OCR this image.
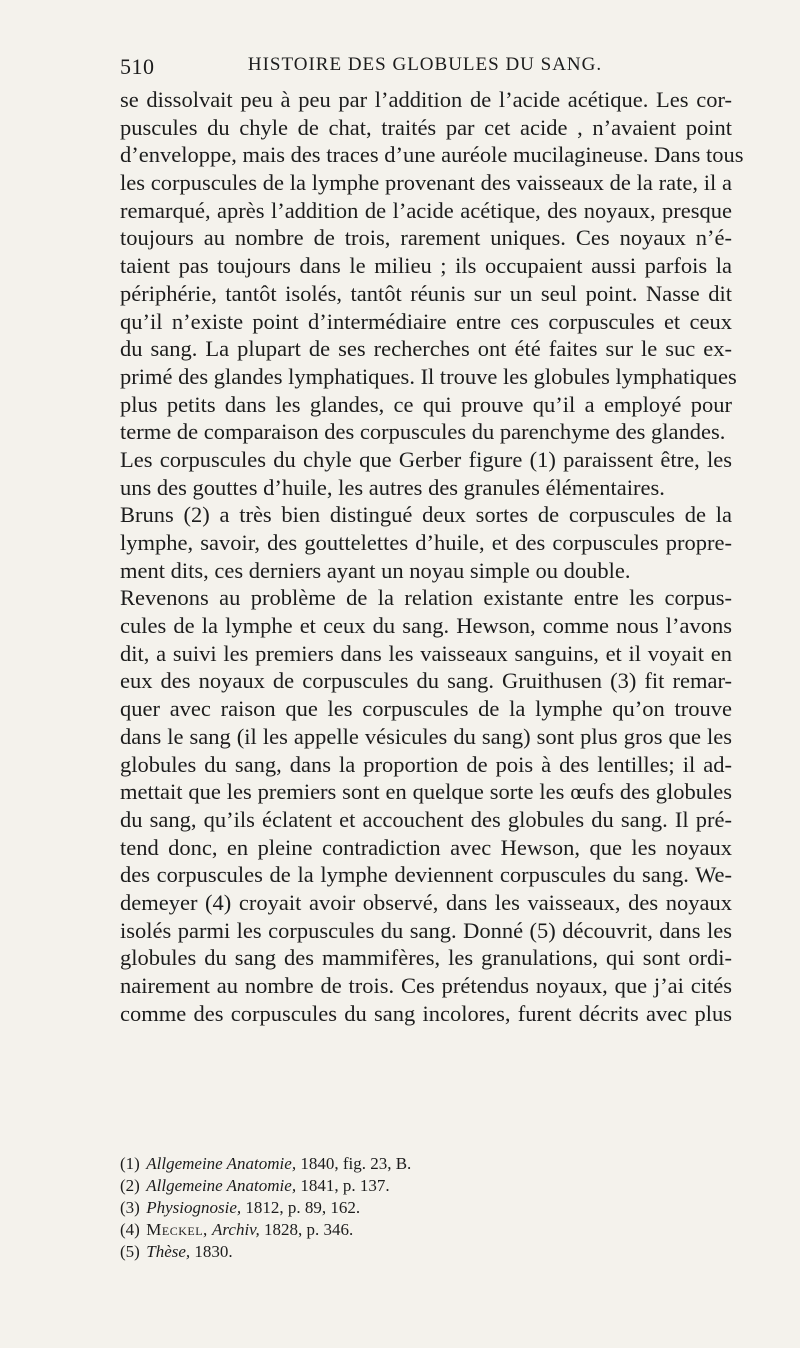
510	HISTOIRE DES GLOBULES DU SANG.
se dissolvait peu à peu par l’addition de l’acide acétique. Les cor-
puscules du chyle de chat, traités par cet acide , n’avaient point
d’enveloppe, mais des traces d’une auréole mucilagineuse. Dans tous
les corpuscules de la lymphe provenant des vaisseaux de la rate, il a
remarqué, après l’addition de l’acide acétique, des noyaux, presque
toujours au nombre de trois, rarement uniques. Ces noyaux n’é-
taient pas toujours dans le milieu ; ils occupaient aussi parfois la
périphérie, tantôt isolés, tantôt réunis sur un seul point. Nasse dit
qu’il n’existe point d’intermédiaire entre ces corpuscules et ceux
du sang. La plupart de ses recherches ont été faites sur le suc ex-
primé des glandes lymphatiques. Il trouve les globules lymphatiques
plus petits dans les glandes, ce qui prouve qu’il a employé pour
terme de comparaison des corpuscules du parenchyme des glandes.
Les corpuscules du chyle que Gerber figure (1) paraissent être, les
uns des gouttes d’huile, les autres des granules élémentaires.
Bruns (2) a très bien distingué deux sortes de corpuscules de la
lymphe, savoir, des gouttelettes d’huile, et des corpuscules propre-
ment dits, ces derniers ayant un noyau simple ou double.
Revenons au problème de la relation existante entre les corpus-
cules de la lymphe et ceux du sang. Hewson, comme nous l’avons
dit, a suivi les premiers dans les vaisseaux sanguins, et il voyait en
eux des noyaux de corpuscules du sang. Gruithusen (3) fit remar-
quer avec raison que les corpuscules de la lymphe qu’on trouve
dans le sang (il les appelle vésicules du sang) sont plus gros que les
globules du sang, dans la proportion de pois à des lentilles; il ad-
mettait que les premiers sont en quelque sorte les œufs des globules
du sang, qu’ils éclatent et accouchent des globules du sang. Il pré-
tend donc, en pleine contradiction avec Hewson, que les noyaux
des corpuscules de la lymphe deviennent corpuscules du sang. We-
demeyer (4) croyait avoir observé, dans les vaisseaux, des noyaux
isolés parmi les corpuscules du sang. Donné (5) découvrit, dans les
globules du sang des mammifères, les granulations, qui sont ordi-
nairement au nombre de trois. Ces prétendus noyaux, que j’ai cités
comme des corpuscules du sang incolores, furent décrits avec plus
(1) Allgemeine Anatomie, 1840, fig. 23, B.
(2) Allgemeine Anatomie, 1841, p. 137.
(3) Physiognosie, 1812, p. 89, 162.
(4) Meckel, Archiv, 1828, p. 346.
(5) Thèse, 1830.
